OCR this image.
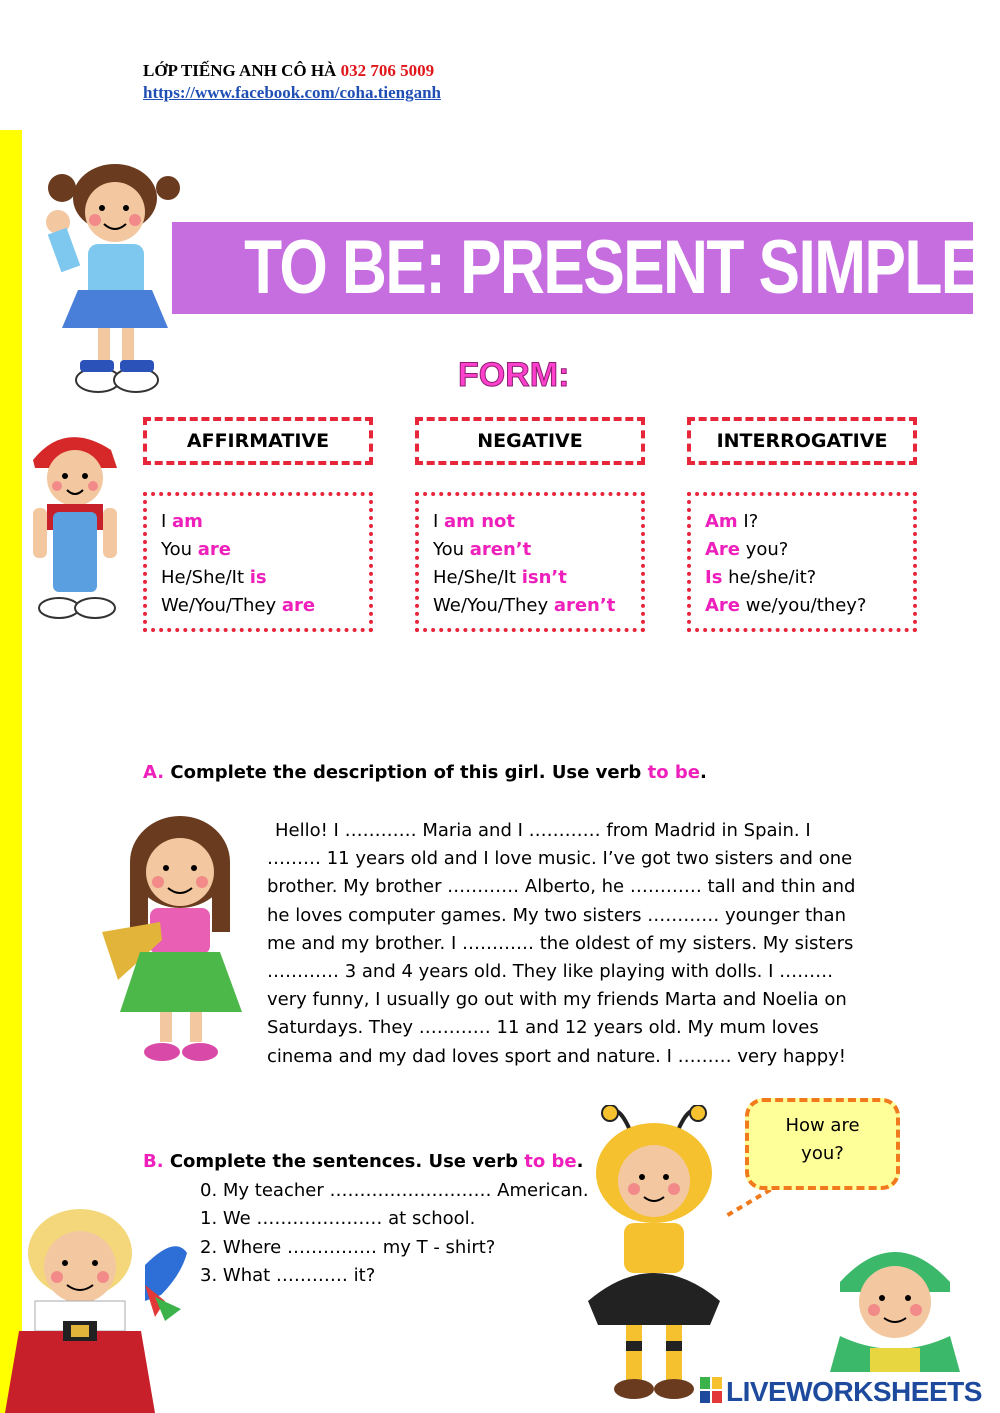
LỚP TIẾNG ANH CÔ HÀ 032 706 5009
https://www.facebook.com/coha.tienganh
TO BE: PRESENT SIMPLE
FORM:
AFFIRMATIVE	NEGATIVE	INTERROGATIVE
I am
You are
He/She/It is
We/You/They are
I am not
You aren’t
He/She/It isn’t
We/You/They aren’t
Am I?
Are you?
Is he/she/it?
Are we/you/they?
A. Complete the description of this girl. Use verb to be.
Hello! I ………… Maria and I ………… from Madrid in Spain. I ……… 11 years old and I love music. I’ve got two sisters and one brother. My brother ………… Alberto, he ………… tall and thin and he loves computer games. My two sisters ………… younger than me and my brother. I ………… the oldest of my sisters. My sisters ………… 3 and 4 years old. They like playing with dolls. I ……… very funny, I usually go out with my friends Marta and Noelia on Saturdays. They ………… 11 and 12 years old. My mum loves cinema and my dad loves sport and nature. I ……… very happy!
B. Complete the sentences. Use verb to be.
0. My teacher ……………………… American.
1. We ………………… at school.
2. Where …………… my T - shirt?
3. What ………… it?
How are
you?
LIVEWORKSHEETS
